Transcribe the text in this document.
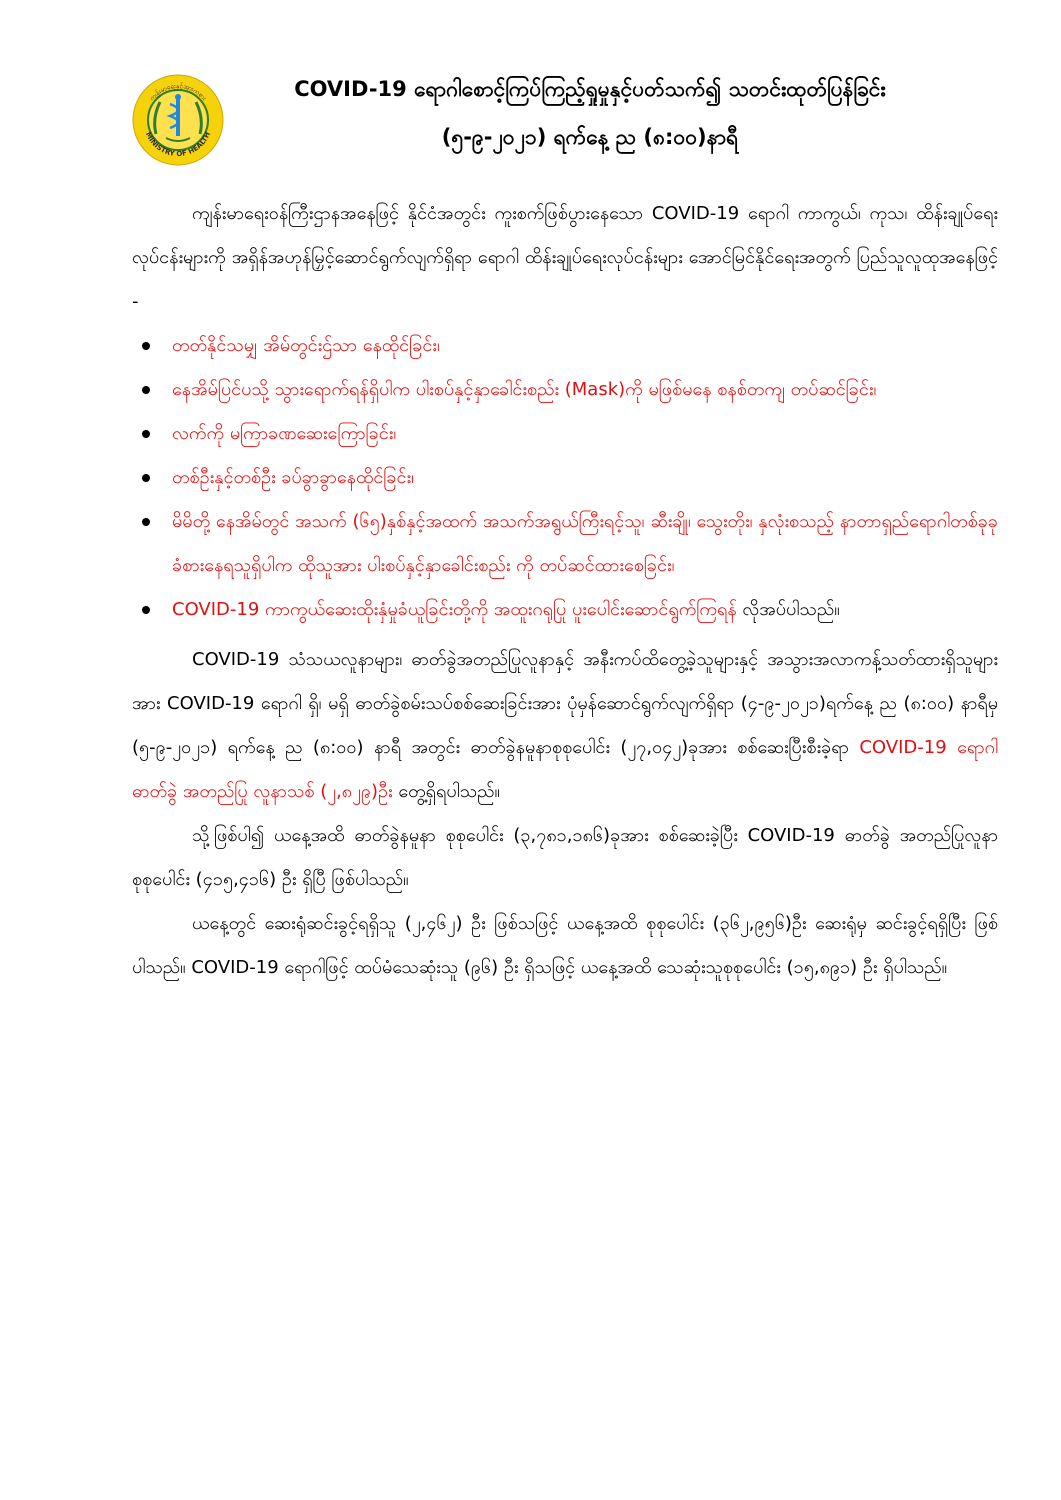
ကျန်းမာရေးနှင့်အားကစား
MINISTRY OF HEALTH

COVID-19 ရောဂါစောင့်ကြပ်ကြည့်ရှုမှုနှင့်ပတ်သက်၍ သတင်းထုတ်ပြန်ခြင်း

(၅-၉-၂၀၂၁) ရက်နေ့ ည (၈:၀၀)နာရီ

ကျန်းမာရေးဝန်ကြီးဌာနအနေဖြင့် နိုင်ငံအတွင်း ကူးစက်ဖြစ်ပွားနေသော COVID-19 ရောဂါ ကာကွယ်၊ ကုသ၊ ထိန်းချုပ်ရေးလုပ်ငန်းများကို အရှိန်အဟုန်မြှင့်ဆောင်ရွက်လျက်ရှိရာ ရောဂါ ထိန်းချုပ်ရေးလုပ်ငန်းများ အောင်မြင်နိုင်ရေးအတွက် ပြည်သူလူထုအနေဖြင့် -

တတ်နိုင်သမျှ အိမ်တွင်းဌ်သာ နေထိုင်ခြင်း၊
နေအိမ်ပြင်ပသို့ သွားရောက်ရန်ရှိပါက ပါးစပ်နှင့်နှာခေါင်းစည်း (Mask)ကို မဖြစ်မနေ စနစ်တကျ တပ်ဆင်ခြင်း၊
လက်ကို မကြာခဏဆေးကြောခြင်း၊
တစ်ဦးနှင့်တစ်ဦး ခပ်ခွာခွာနေထိုင်ခြင်း၊
မိမိတို့ နေအိမ်တွင် အသက် (၆၅)နှစ်နှင့်အထက် အသက်အရွယ်ကြီးရင့်သူ၊ ဆီးချို၊ သွေးတိုး၊ နှလုံးစသည့် နာတာရှည်ရောဂါတစ်ခုခု ခံစားနေရသူရှိပါက ထိုသူအား ပါးစပ်နှင့်နှာခေါင်းစည်း ကို တပ်ဆင်ထားစေခြင်း၊
COVID-19 ကာကွယ်ဆေးထိုးနှံမှုခံယူခြင်းတို့ကို အထူးဂရုပြု ပူးပေါင်းဆောင်ရွက်ကြရန် လိုအပ်ပါသည်။

COVID-19 သံသယလူနာများ၊ ဓာတ်ခွဲအတည်ပြုလူနာနှင့် အနီးကပ်ထိတွေ့ခဲ့သူများနှင့် အသွားအလာကန့်သတ်ထားရှိသူများအား COVID-19 ရောဂါ ရှိ၊ မရှိ ဓာတ်ခွဲစမ်းသပ်စစ်ဆေးခြင်းအား ပုံမှန်ဆောင်ရွက်လျက်ရှိရာ (၄-၉-၂၀၂၁)ရက်နေ့ ည (၈:၀၀) နာရီမှ (၅-၉-၂၀၂၁) ရက်နေ့ ည (၈:၀၀) နာရီ အတွင်း ဓာတ်ခွဲနမူနာစုစုပေါင်း (၂၇,၀၄၂)ခုအား စစ်ဆေးပြီးစီးခဲ့ရာ COVID-19 ရောဂါ ဓာတ်ခွဲ အတည်ပြု လူနာသစ် (၂,၈၂၉)ဦး တွေ့ရှိရပါသည်။

သို့ဖြစ်ပါ၍ ယနေ့အထိ ဓာတ်ခွဲနမူနာ စုစုပေါင်း (၃,၇၈၁,၁၈၆)ခုအား စစ်ဆေးခဲ့ပြီး COVID-19 ဓာတ်ခွဲ အတည်ပြုလူနာ စုစုပေါင်း (၄၁၅,၄၁၆) ဦး ရှိပြီ ဖြစ်ပါသည်။

ယနေ့တွင် ဆေးရုံဆင်းခွင့်ရရှိသူ (၂,၄၆၂) ဦး ဖြစ်သဖြင့် ယနေ့အထိ စုစုပေါင်း (၃၆၂,၉၅၆)ဦး ဆေးရုံမှ ဆင်းခွင့်ရရှိပြီး ဖြစ်ပါသည်။ COVID-19 ရောဂါဖြင့် ထပ်မံသေဆုံးသူ (၉၆) ဦး ရှိသဖြင့် ယနေ့အထိ သေဆုံးသူစုစုပေါင်း (၁၅,၈၉၁) ဦး ရှိပါသည်။
